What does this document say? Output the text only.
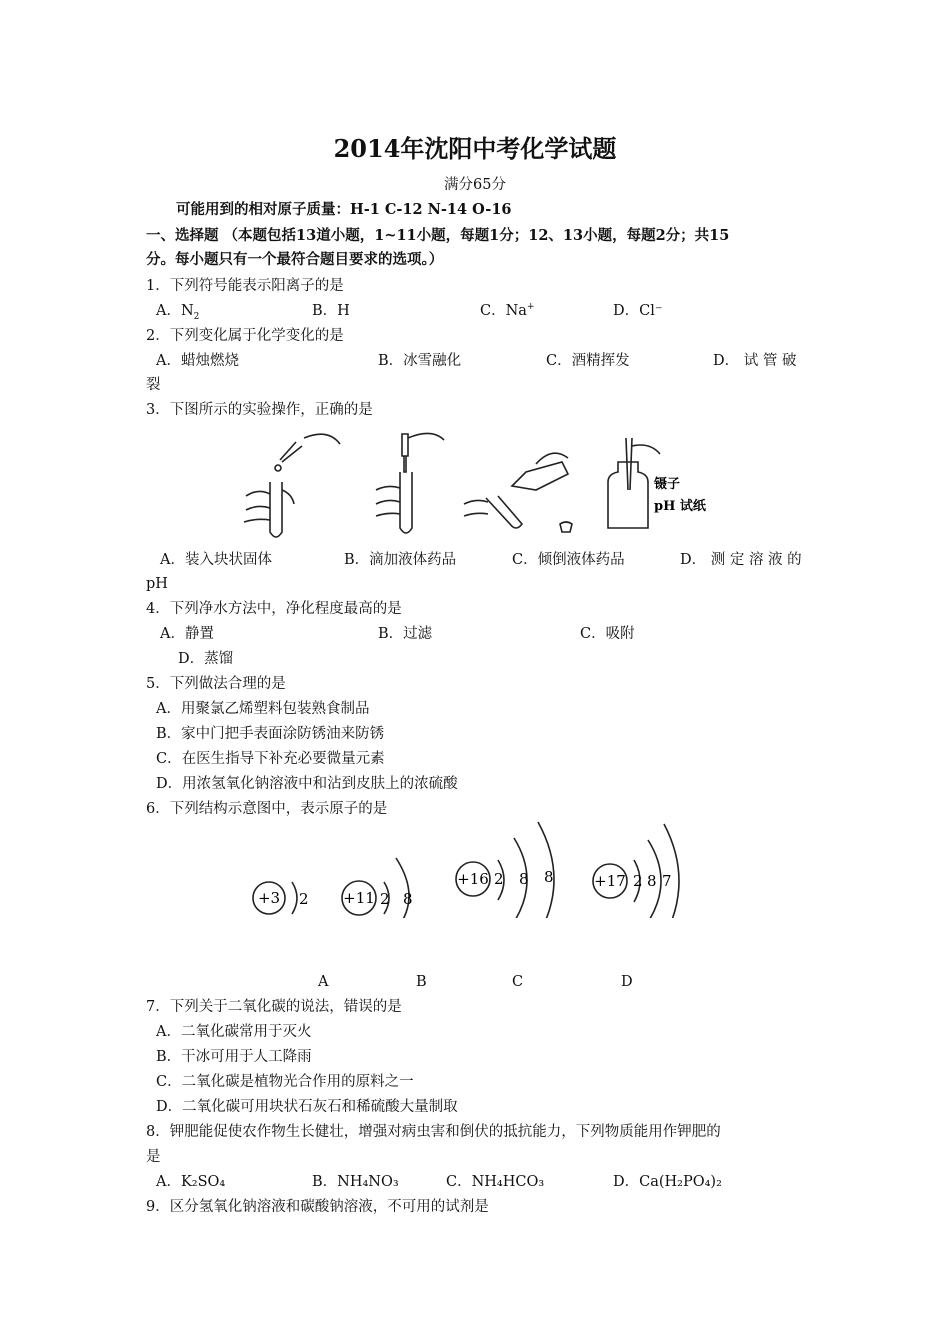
2014年沈阳中考化学试题
满分65分
可能用到的相对原子质量：H-1 C-12 N-14 O-16
一、选择题 （本题包括13道小题，1~11小题，每题1分；12、13小题，每题2分；共15
分。每小题只有一个最符合题目要求的选项。）
1．下列符号能表示阳离子的是
A．$N_2$	B．H	C．Na+	D．Cl⁻
2．下列变化属于化学变化的是
A．蜡烛燃烧	B．冰雪融化	C．酒精挥发	D． 试 管 破
裂
3．下图所示的实验操作，正确的是
镊子
pH 试纸
A．装入块状固体	B．滴加液体药品	C．倾倒液体药品	D． 测 定 溶 液 的
pH
4．下列净水方法中，净化程度最高的是
A．静置	B．过滤	C．吸附
D．蒸馏
5．下列做法合理的是
A．用聚氯乙烯塑料包装熟食制品
B．家中门把手表面涂防锈油来防锈
C．在医生指导下补充必要微量元素
D．用浓氢氧化钠溶液中和沾到皮肤上的浓硫酸
6．下列结构示意图中，表示原子的是
+3 2 +11 2 8
+16 2 8 8	+17 2 8 7
A	B	C	D
7．下列关于二氧化碳的说法，错误的是
A．二氧化碳常用于灭火
B．干冰可用于人工降雨
C．二氧化碳是植物光合作用的原料之一
D．二氧化碳可用块状石灰石和稀硫酸大量制取
8．钾肥能促使农作物生长健壮，增强对病虫害和倒伏的抵抗能力，下列物质能用作钾肥的
是
A．K₂SO₄	B．NH₄NO₃	C．NH₄HCO₃	D．Ca(H₂PO₄)₂
9．区分氢氧化钠溶液和碳酸钠溶液，不可用的试剂是
